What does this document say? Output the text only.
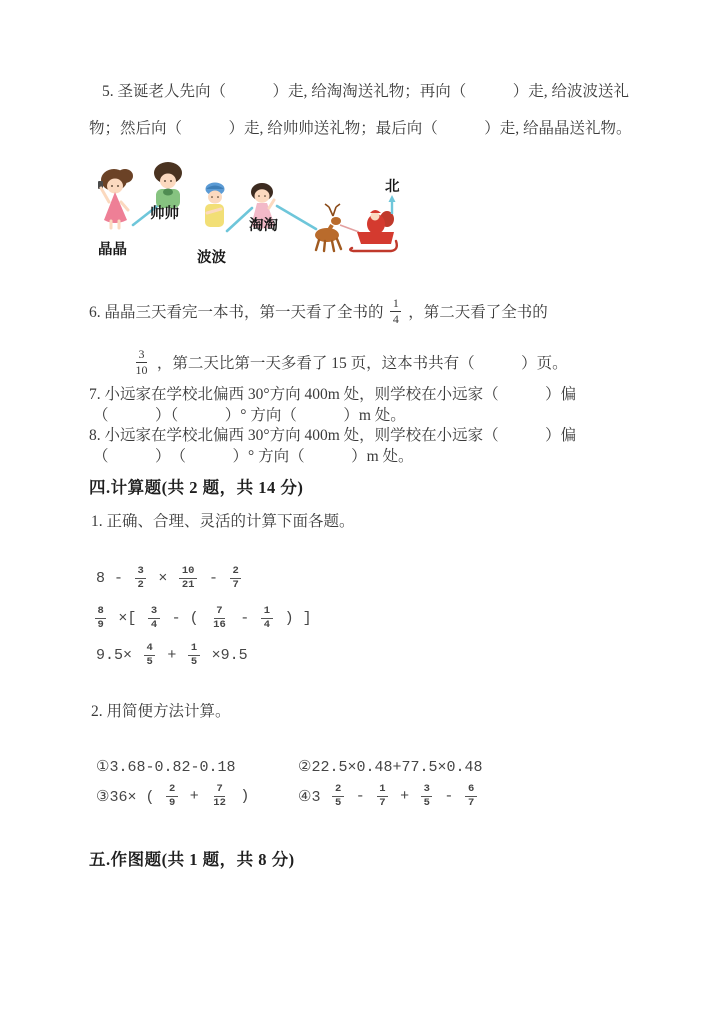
5. 圣诞老人先向（　　　）走, 给淘淘送礼物；再向（　　　）走, 给波波送礼
物；然后向（　　　）走, 给帅帅送礼物；最后向（　　　）走, 给晶晶送礼物。
晶晶
帅帅
波波
淘淘
北
6. 晶晶三天看完一本书，第一天看了全书的 $\frac{1}{4}$ ，第二天看了全书的
$\frac{3}{10}$ ，第二天比第一天多看了 15 页，这本书共有（　　　）页。
7. 小远家在学校北偏西 30°方向 400m 处，则学校在小远家（　　　）偏
（　　　）（　　　）° 方向（　　　）m 处。
8. 小远家在学校北偏西 30°方向 400m 处，则学校在小远家（　　　）偏
（　　　）　（　　　）° 方向（　　　）m 处。
四.计算题(共 2 题，共 14 分)
1. 正确、合理、灵活的计算下面各题。
$8 - \frac{3}{2} \times \frac{10}{21} - \frac{2}{7}$
$\frac{8}{9}$ ×[ $\frac{3}{4}$ - ( $\frac{7}{16} - \frac{1}{4}$ ) ]
$9.5\times \frac{4}{5} + \frac{1}{5} \times 9.5$
2. 用简便方法计算。
①3.68-0.82-0.18	②22.5×0.48+77.5×0.48
③36× ( $\frac{2}{9} + \frac{7}{12}$ )	④3 $\frac{2}{5} - \frac{1}{7} + \frac{3}{5} - \frac{6}{7}$
五.作图题(共 1 题，共 8 分)
